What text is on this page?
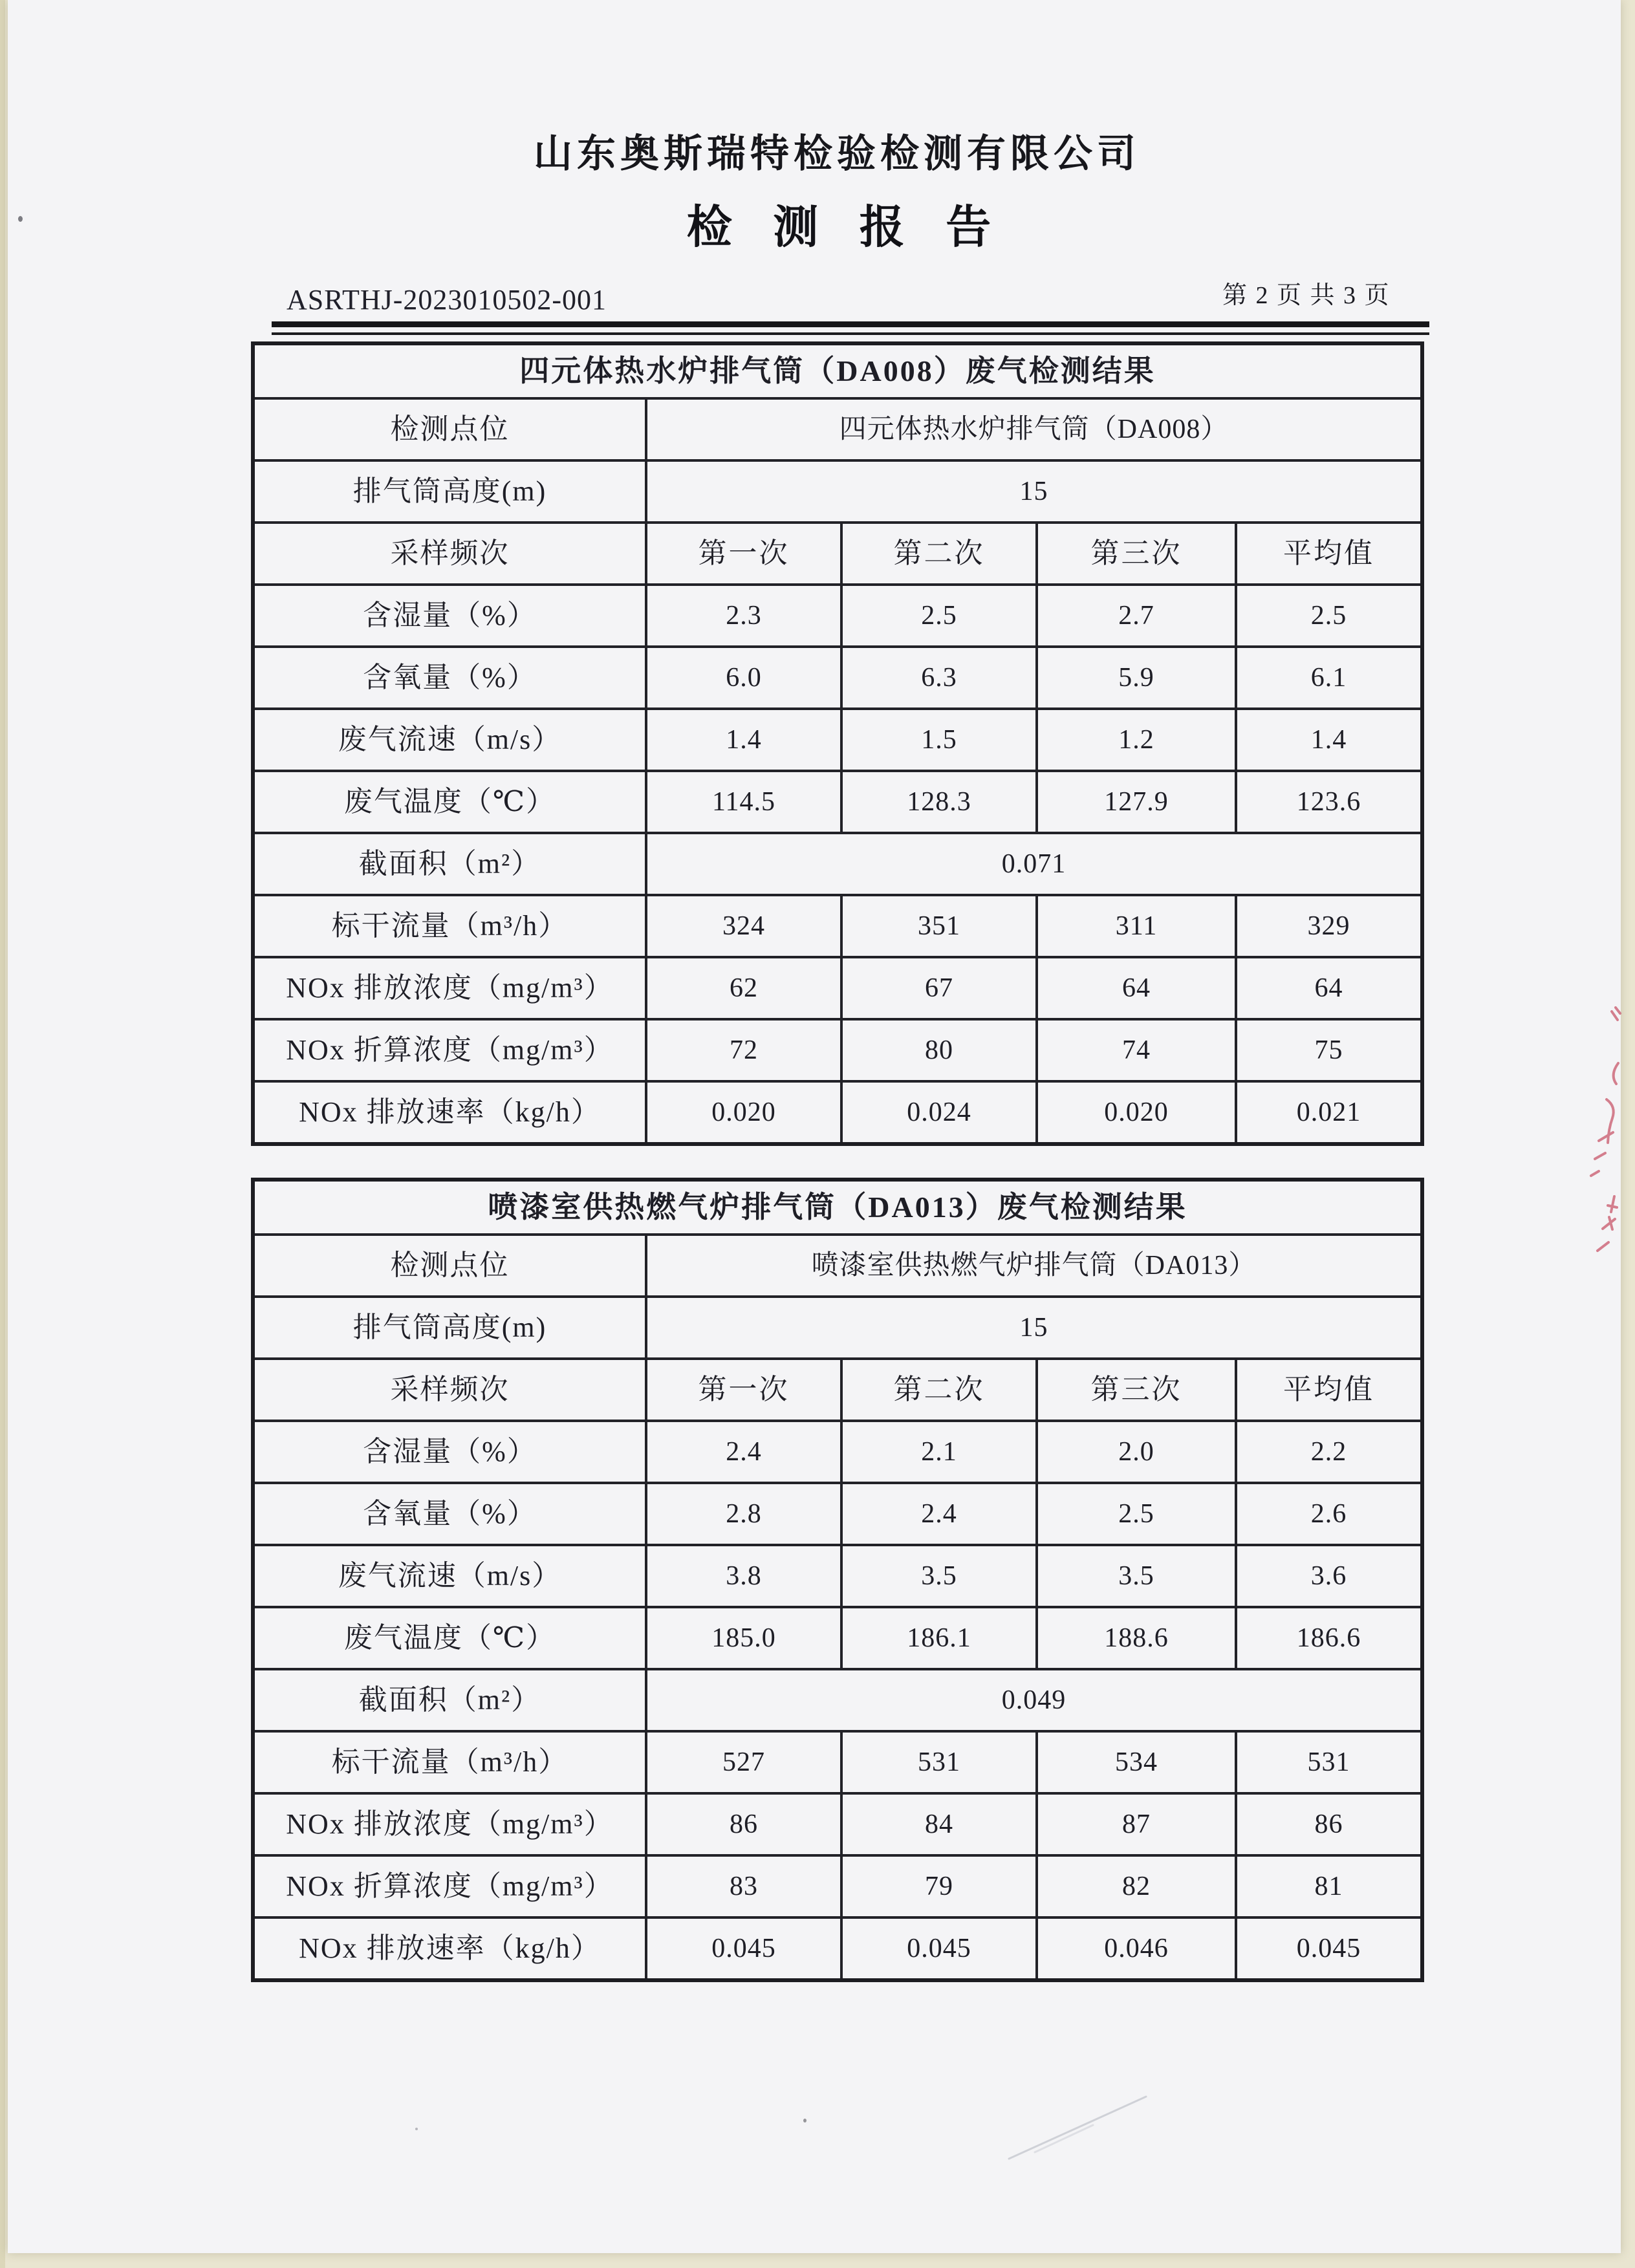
山东奥斯瑞特检验检测有限公司
检 测 报 告
ASRTHJ-2023010502-001	第 2 页 共 3 页
四元体热水炉排气筒（DA008）废气检测结果				
检测点位	四元体热水炉排气筒（DA008）			
排气筒高度(m)	15			
采样频次	第一次	第二次	第三次	平均值
含湿量（%）	2.3	2.5	2.7	2.5
含氧量（%）	6.0	6.3	5.9	6.1
废气流速（m/s）	1.4	1.5	1.2	1.4
废气温度（℃）	114.5	128.3	127.9	123.6
截面积（m²）	0.071			
标干流量（m³/h）	324	351	311	329
NOx 排放浓度（mg/m³）	62	67	64	64
NOx 折算浓度（mg/m³）	72	80	74	75
NOx 排放速率（kg/h）	0.020	0.024	0.020	0.021
喷漆室供热燃气炉排气筒（DA013）废气检测结果				
检测点位	喷漆室供热燃气炉排气筒（DA013）			
排气筒高度(m)	15			
采样频次	第一次	第二次	第三次	平均值
含湿量（%）	2.4	2.1	2.0	2.2
含氧量（%）	2.8	2.4	2.5	2.6
废气流速（m/s）	3.8	3.5	3.5	3.6
废气温度（℃）	185.0	186.1	188.6	186.6
截面积（m²）	0.049			
标干流量（m³/h）	527	531	534	531
NOx 排放浓度（mg/m³）	86	84	87	86
NOx 折算浓度（mg/m³）	83	79	82	81
NOx 排放速率（kg/h）	0.045	0.045	0.046	0.045
